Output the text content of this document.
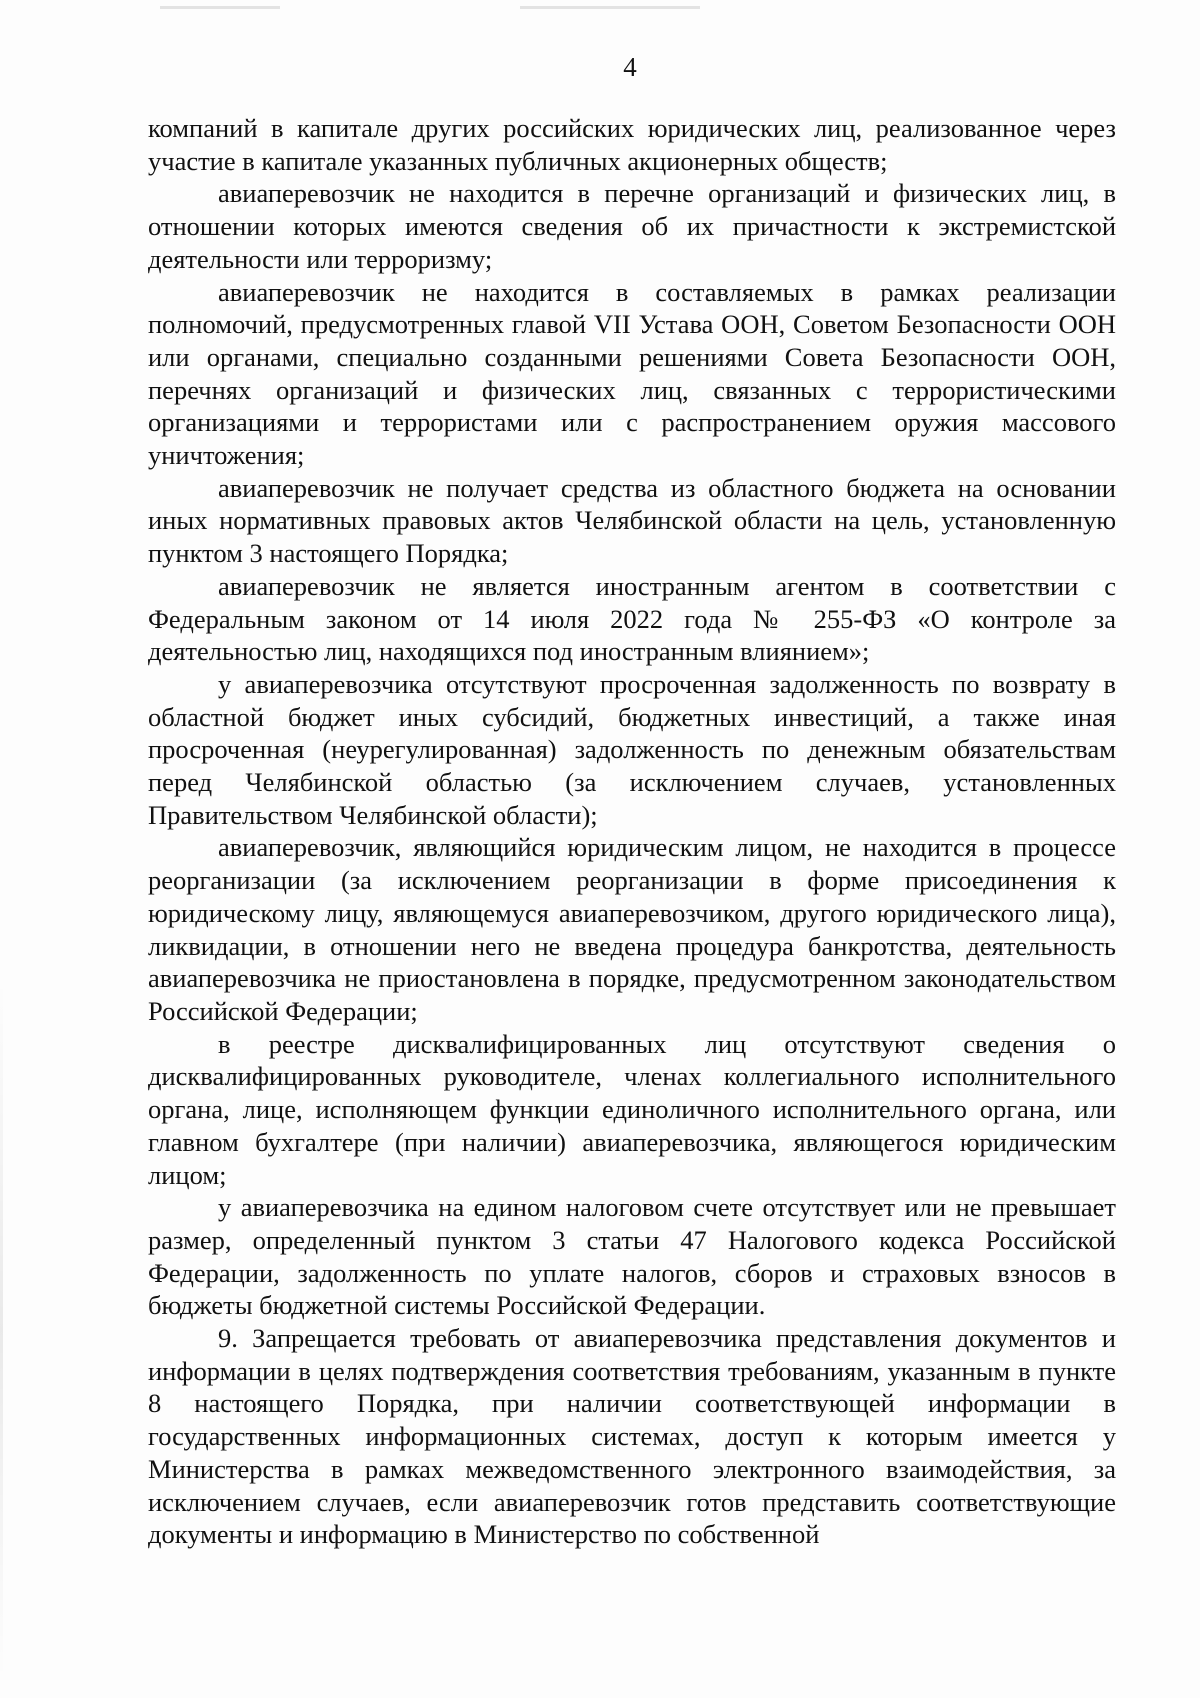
4

компаний в капитале других российских юридических лиц, реализованное через участие в капитале указанных публичных акционерных обществ;

авиаперевозчик не находится в перечне организаций и физических лиц, в отношении которых имеются сведения об их причастности к экстремистской деятельности или терроризму;

авиаперевозчик не находится в составляемых в рамках реализации полномочий, предусмотренных главой VII Устава ООН, Советом Безопасности ООН или органами, специально созданными решениями Совета Безопасности ООН, перечнях организаций и физических лиц, связанных с террористическими организациями и террористами или с распространением оружия массового уничтожения;

авиаперевозчик не получает средства из областного бюджета на основании иных нормативных правовых актов Челябинской области на цель, установленную пунктом 3 настоящего Порядка;

авиаперевозчик не является иностранным агентом в соответствии с Федеральным законом от 14 июля 2022 года № 255-ФЗ «О контроле за деятельностью лиц, находящихся под иностранным влиянием»;

у авиаперевозчика отсутствуют просроченная задолженность по возврату в областной бюджет иных субсидий, бюджетных инвестиций, а также иная просроченная (неурегулированная) задолженность по денежным обязательствам перед Челябинской областью (за исключением случаев, установленных Правительством Челябинской области);

авиаперевозчик, являющийся юридическим лицом, не находится в процессе реорганизации (за исключением реорганизации в форме присоединения к юридическому лицу, являющемуся авиаперевозчиком, другого юридического лица), ликвидации, в отношении него не введена процедура банкротства, деятельность авиаперевозчика не приостановлена в порядке, предусмотренном законодательством Российской Федерации;

в реестре дисквалифицированных лиц отсутствуют сведения о дисквалифицированных руководителе, членах коллегиального исполнительного органа, лице, исполняющем функции единоличного исполнительного органа, или главном бухгалтере (при наличии) авиаперевозчика, являющегося юридическим лицом;

у авиаперевозчика на едином налоговом счете отсутствует или не превышает размер, определенный пунктом 3 статьи 47 Налогового кодекса Российской Федерации, задолженность по уплате налогов, сборов и страховых взносов в бюджеты бюджетной системы Российской Федерации.

9. Запрещается требовать от авиаперевозчика представления документов и информации в целях подтверждения соответствия требованиям, указанным в пункте 8 настоящего Порядка, при наличии соответствующей информации в государственных информационных системах, доступ к которым имеется у Министерства в рамках межведомственного электронного взаимодействия, за исключением случаев, если авиаперевозчик готов представить соответствующие документы и информацию в Министерство по собственной
